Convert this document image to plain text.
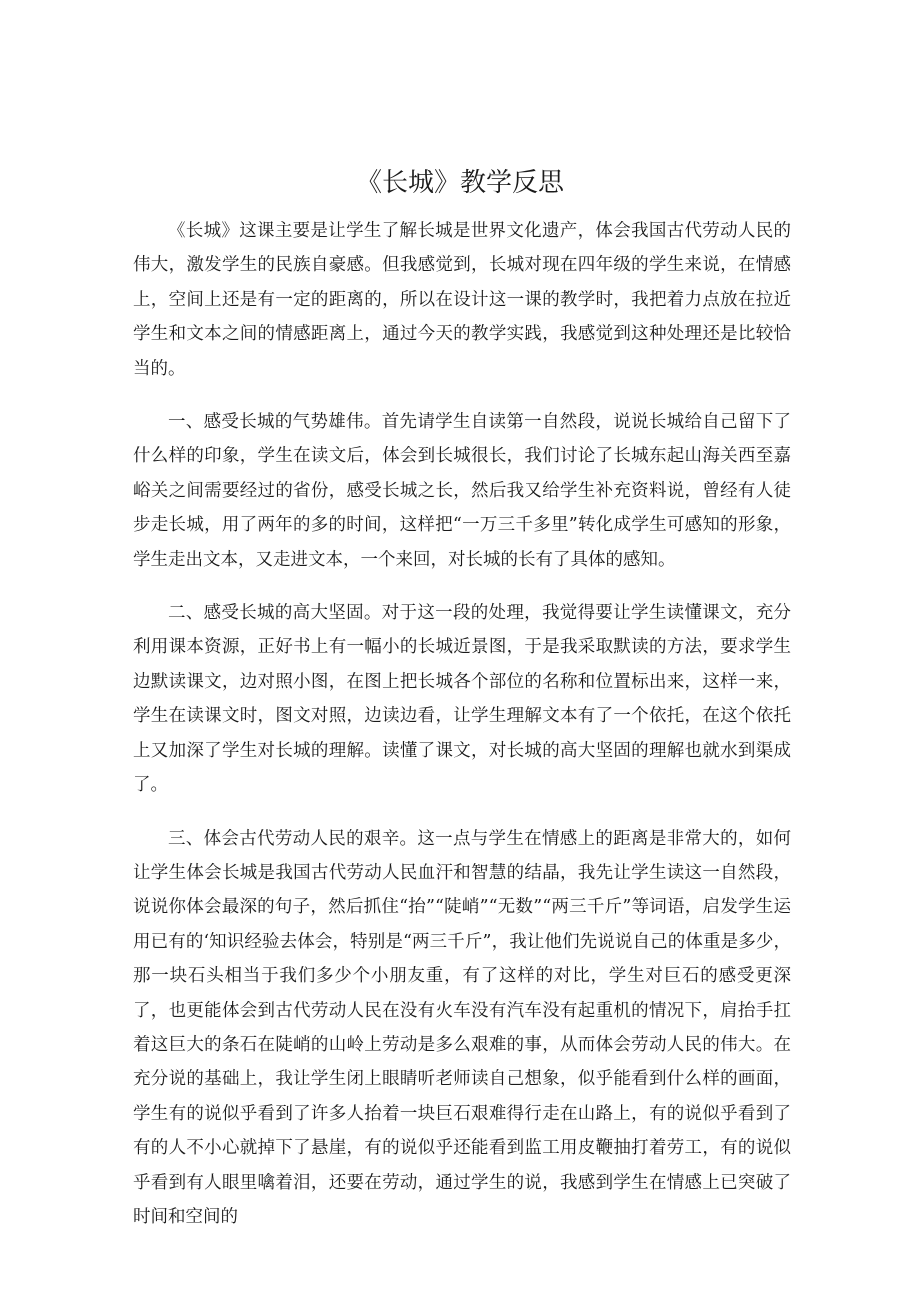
《长城》教学反思

《长城》这课主要是让学生了解长城是世界文化遗产，体会我国古代劳动人民的伟大，激发学生的民族自豪感。但我感觉到，长城对现在四年级的学生来说，在情感上，空间上还是有一定的距离的，所以在设计这一课的教学时，我把着力点放在拉近学生和文本之间的情感距离上，通过今天的教学实践，我感觉到这种处理还是比较恰当的。

一、感受长城的气势雄伟。首先请学生自读第一自然段，说说长城给自己留下了什么样的印象，学生在读文后，体会到长城很长，我们讨论了长城东起山海关西至嘉峪关之间需要经过的省份，感受长城之长，然后我又给学生补充资料说，曾经有人徒步走长城，用了两年的多的时间，这样把“一万三千多里”转化成学生可感知的形象，学生走出文本，又走进文本，一个来回，对长城的长有了具体的感知。

二、感受长城的高大坚固。对于这一段的处理，我觉得要让学生读懂课文，充分利用课本资源，正好书上有一幅小的长城近景图，于是我采取默读的方法，要求学生边默读课文，边对照小图，在图上把长城各个部位的名称和位置标出来，这样一来，学生在读课文时，图文对照，边读边看，让学生理解文本有了一个依托，在这个依托上又加深了学生对长城的理解。读懂了课文，对长城的高大坚固的理解也就水到渠成了。

三、体会古代劳动人民的艰辛。这一点与学生在情感上的距离是非常大的，如何让学生体会长城是我国古代劳动人民血汗和智慧的结晶，我先让学生读这一自然段，说说你体会最深的句子，然后抓住“抬”“陡峭”“无数”“两三千斤”等词语，启发学生运用已有的‘知识经验去体会，特别是“两三千斤”，我让他们先说说自己的体重是多少，那一块石头相当于我们多少个小朋友重，有了这样的对比，学生对巨石的感受更深了，也更能体会到古代劳动人民在没有火车没有汽车没有起重机的情况下，肩抬手扛着这巨大的条石在陡峭的山岭上劳动是多么艰难的事，从而体会劳动人民的伟大。在充分说的基础上，我让学生闭上眼睛听老师读自己想象，似乎能看到什么样的画面，学生有的说似乎看到了许多人抬着一块巨石艰难得行走在山路上，有的说似乎看到了有的人不小心就掉下了悬崖，有的说似乎还能看到监工用皮鞭抽打着劳工，有的说似乎看到有人眼里噙着泪，还要在劳动，通过学生的说，我感到学生在情感上已突破了时间和空间的
